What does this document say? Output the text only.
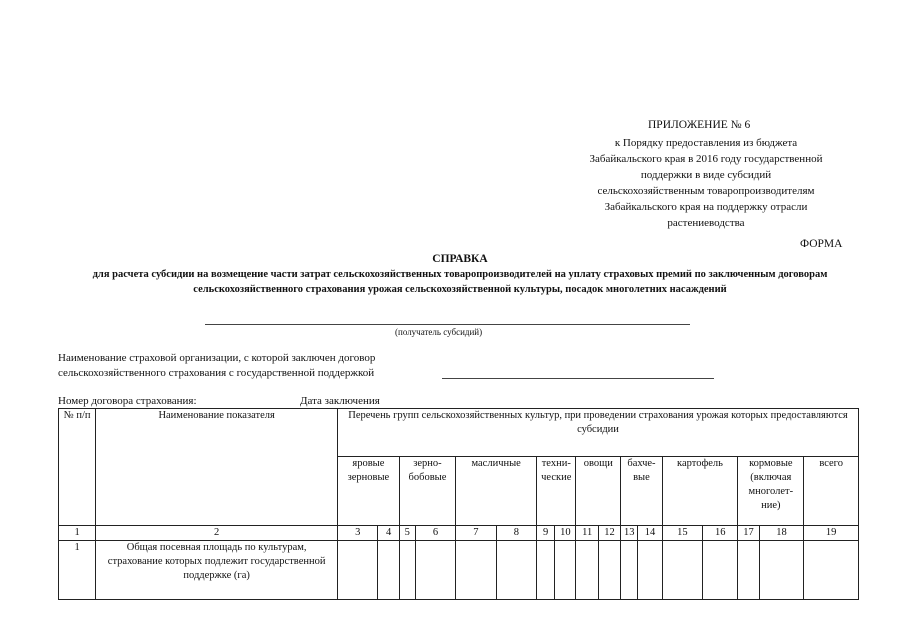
ПРИЛОЖЕНИЕ № 6
к Порядку предоставления из бюджета
Забайкальского края в 2016 году государственной
поддержки в виде субсидий
сельскохозяйственным товаропроизводителям
Забайкальского края на поддержку отрасли
растениеводства
ФОРМА
СПРАВКА
для расчета субсидии на возмещение части затрат сельскохозяйственных товаропроизводителей на уплату страховых премий по заключенным договорам сельскохозяйственного страхования урожая сельскохозяйственной культуры, посадок многолетних насаждений
(получатель субсидий)
Наименование страховой организации, с которой заключен договор
сельскохозяйственного страхования с государственной поддержкой
Номер договора страхования:	Дата заключения
№ п/п	Наименование показателя	Перечень групп сельскохозяйственных культур, при проведении страхования урожая которых предоставляются субсидии																
		яровые зерновые		зерно-бобовые		масличные		техни-ческие		овощи		бахче-вые		картофель		кормовые (включая многолет-ние)		всего
1	2	3	4	5	6	7	8	9	10	11	12	13	14	15	16	17	18	19
1	Общая посевная площадь по культурам, страхование которых подлежит государственной поддержке (га)																	
